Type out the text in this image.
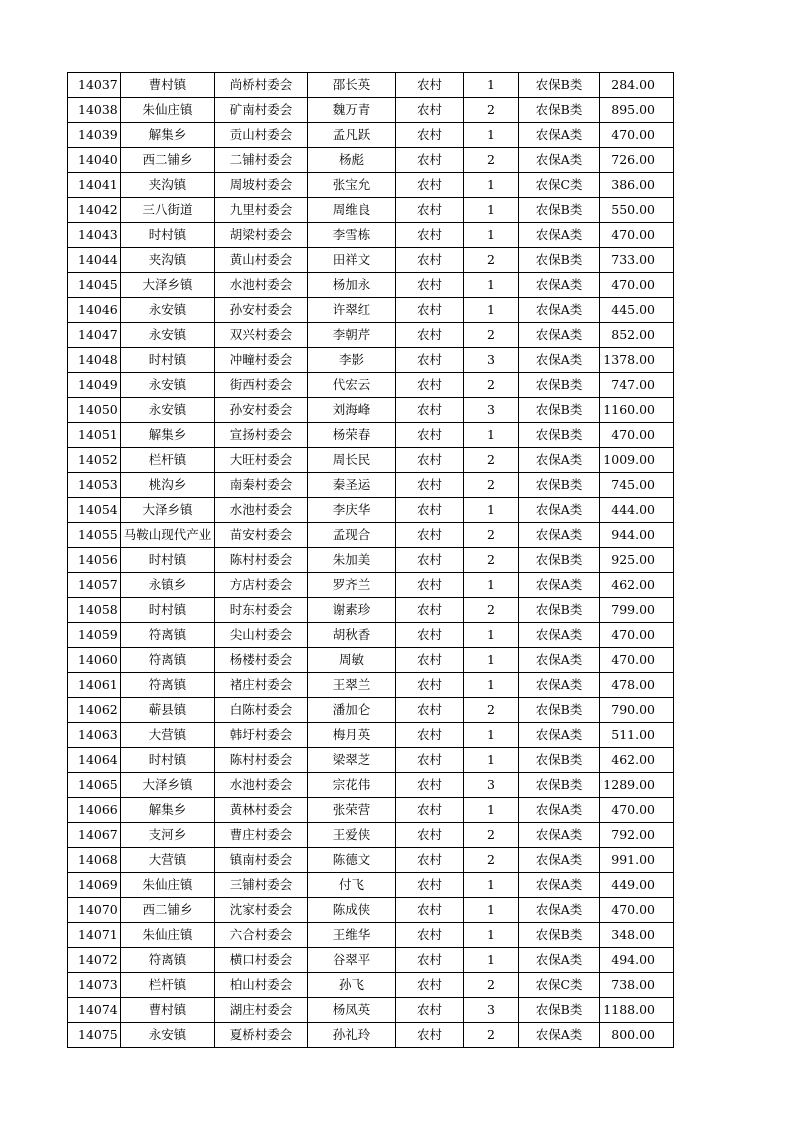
14037	曹村镇	尚桥村委会	邵长英	农村	1	农保B类	284.00
14038	朱仙庄镇	矿南村委会	魏万青	农村	2	农保B类	895.00
14039	解集乡	贡山村委会	孟凡跃	农村	1	农保A类	470.00
14040	西二铺乡	二铺村委会	杨彪	农村	2	农保A类	726.00
14041	夹沟镇	周坡村委会	张宝允	农村	1	农保C类	386.00
14042	三八街道	九里村委会	周维良	农村	1	农保B类	550.00
14043	时村镇	胡梁村委会	李雪栋	农村	1	农保A类	470.00
14044	夹沟镇	黄山村委会	田祥文	农村	2	农保B类	733.00
14045	大泽乡镇	水池村委会	杨加永	农村	1	农保A类	470.00
14046	永安镇	孙安村委会	许翠红	农村	1	农保A类	445.00
14047	永安镇	双兴村委会	李朝芹	农村	2	农保A类	852.00
14048	时村镇	冲疃村委会	李影	农村	3	农保A类	1378.00
14049	永安镇	街西村委会	代宏云	农村	2	农保B类	747.00
14050	永安镇	孙安村委会	刘海峰	农村	3	农保B类	1160.00
14051	解集乡	宣扬村委会	杨荣春	农村	1	农保B类	470.00
14052	栏杆镇	大旺村委会	周长民	农村	2	农保A类	1009.00
14053	桃沟乡	南秦村委会	秦圣运	农村	2	农保B类	745.00
14054	大泽乡镇	水池村委会	李庆华	农村	1	农保A类	444.00
14055	马鞍山现代产业	苗安村委会	孟现合	农村	2	农保A类	944.00
14056	时村镇	陈村村委会	朱加美	农村	2	农保B类	925.00
14057	永镇乡	方店村委会	罗齐兰	农村	1	农保A类	462.00
14058	时村镇	时东村委会	谢素珍	农村	2	农保B类	799.00
14059	符离镇	尖山村委会	胡秋香	农村	1	农保A类	470.00
14060	符离镇	杨楼村委会	周敏	农村	1	农保A类	470.00
14061	符离镇	褚庄村委会	王翠兰	农村	1	农保A类	478.00
14062	蕲县镇	白陈村委会	潘加仑	农村	2	农保B类	790.00
14063	大营镇	韩圩村委会	梅月英	农村	1	农保A类	511.00
14064	时村镇	陈村村委会	梁翠芝	农村	1	农保B类	462.00
14065	大泽乡镇	水池村委会	宗花伟	农村	3	农保B类	1289.00
14066	解集乡	黄林村委会	张荣营	农村	1	农保A类	470.00
14067	支河乡	曹庄村委会	王爱侠	农村	2	农保A类	792.00
14068	大营镇	镇南村委会	陈德文	农村	2	农保A类	991.00
14069	朱仙庄镇	三铺村委会	付飞	农村	1	农保A类	449.00
14070	西二铺乡	沈家村委会	陈成侠	农村	1	农保A类	470.00
14071	朱仙庄镇	六合村委会	王维华	农村	1	农保B类	348.00
14072	符离镇	横口村委会	谷翠平	农村	1	农保A类	494.00
14073	栏杆镇	柏山村委会	孙飞	农村	2	农保C类	738.00
14074	曹村镇	湖庄村委会	杨凤英	农村	3	农保B类	1188.00
14075	永安镇	夏桥村委会	孙礼玲	农村	2	农保A类	800.00
